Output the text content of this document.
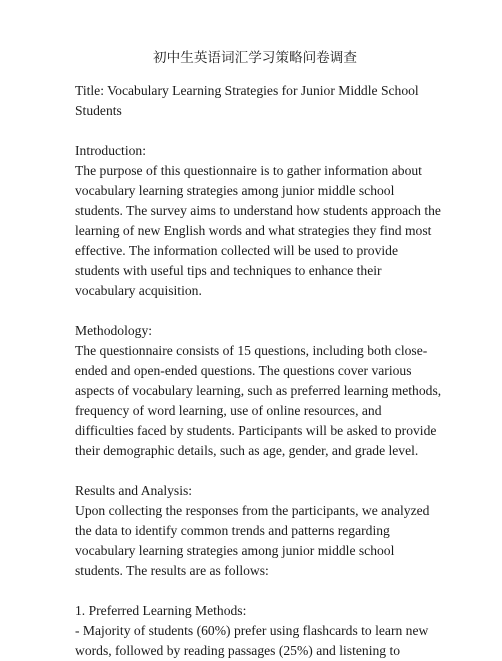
初中生英语词汇学习策略问卷调查
Title: Vocabulary Learning Strategies for Junior Middle School
Students
Introduction:
The purpose of this questionnaire is to gather information about
vocabulary learning strategies among junior middle school
students. The survey aims to understand how students approach the
learning of new English words and what strategies they find most
effective. The information collected will be used to provide
students with useful tips and techniques to enhance their
vocabulary acquisition.
Methodology:
The questionnaire consists of 15 questions, including both close-
ended and open-ended questions. The questions cover various
aspects of vocabulary learning, such as preferred learning methods,
frequency of word learning, use of online resources, and
difficulties faced by students. Participants will be asked to provide
their demographic details, such as age, gender, and grade level.
Results and Analysis:
Upon collecting the responses from the participants, we analyzed
the data to identify common trends and patterns regarding
vocabulary learning strategies among junior middle school
students. The results are as follows:
1. Preferred Learning Methods:
- Majority of students (60%) prefer using flashcards to learn new
words, followed by reading passages (25%) and listening to
